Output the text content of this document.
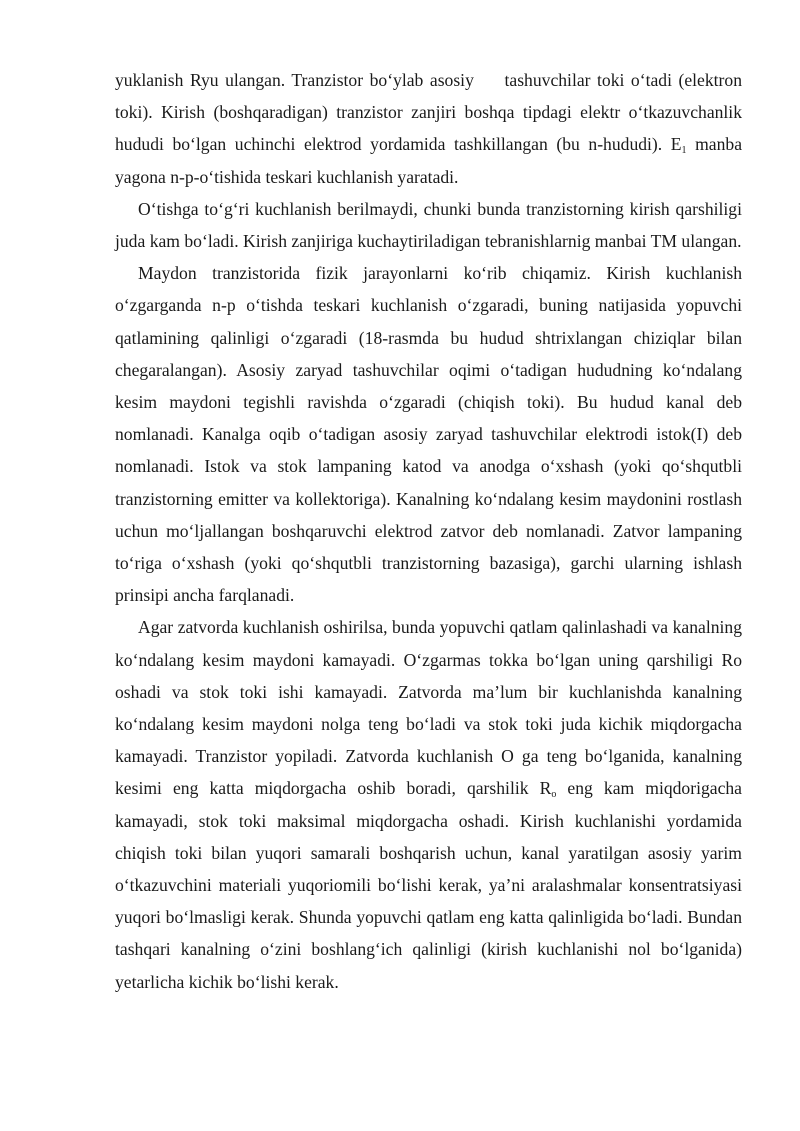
yuklanish Ryu ulangan. Tranzistor bo‘ylab asosiy   tashuvchilar toki o‘tadi (elektron toki). Kirish (boshqaradigan) tranzistor zanjiri boshqa tipdagi elektr o‘tkazuvchanlik hududi bo‘lgan uchinchi elektrod yordamida tashkillangan (bu n-hududi). $E_1$ manba yagona n-p-o‘tishida teskari kuchlanish yaratadi.

O‘tishga to‘g‘ri kuchlanish berilmaydi, chunki bunda tranzistorning kirish qarshiligi juda kam bo‘ladi. Kirish zanjiriga kuchaytiriladigan tebranishlarnig manbai TM ulangan.

Maydon tranzistorida fizik jarayonlarni ko‘rib chiqamiz. Kirish kuchlanish o‘zgarganda n-p o‘tishda teskari kuchlanish o‘zgaradi, buning natijasida yopuvchi qatlamining qalinligi o‘zgaradi (18-rasmda bu hudud shtrixlangan chiziqlar bilan chegaralangan). Asosiy zaryad tashuvchilar oqimi o‘tadigan hududning ko‘ndalang kesim maydoni tegishli ravishda o‘zgaradi (chiqish toki). Bu hudud kanal deb nomlanadi. Kanalga oqib o‘tadigan asosiy zaryad tashuvchilar elektrodi istok(I) deb nomlanadi. Istok va stok lampaning katod va anodga o‘xshash (yoki qo‘shqutbli tranzistorning emitter va kollektoriga). Kanalning ko‘ndalang kesim maydonini rostlash uchun mo‘ljallangan boshqaruvchi elektrod zatvor deb nomlanadi. Zatvor lampaning to‘riga o‘xshash (yoki qo‘shqutbli tranzistorning bazasiga), garchi ularning ishlash prinsipi ancha farqlanadi.

Agar zatvorda kuchlanish oshirilsa, bunda yopuvchi qatlam qalinlashadi va kanalning ko‘ndalang kesim maydoni kamayadi. O‘zgarmas tokka bo‘lgan uning qarshiligi Ro oshadi va stok toki ishi kamayadi. Zatvorda ma’lum bir kuchlanishda kanalning ko‘ndalang kesim maydoni nolga teng bo‘ladi va stok toki juda kichik miqdorgacha kamayadi. Tranzistor yopiladi. Zatvorda kuchlanish O ga teng bo‘lganida, kanalning kesimi eng katta miqdorgacha oshib boradi, qarshilik $R_o$ eng kam miqdorigacha kamayadi, stok toki maksimal miqdorgacha oshadi. Kirish kuchlanishi yordamida chiqish toki bilan yuqori samarali boshqarish uchun, kanal yaratilgan asosiy yarim o‘tkazuvchini materiali yuqoriomili bo‘lishi kerak, ya’ni aralashmalar konsentratsiyasi yuqori bo‘lmasligi kerak. Shunda yopuvchi qatlam eng katta qalinligida bo‘ladi. Bundan tashqari kanalning o‘zini boshlang‘ich qalinligi (kirish kuchlanishi nol bo‘lganida) yetarlicha kichik bo‘lishi kerak.
